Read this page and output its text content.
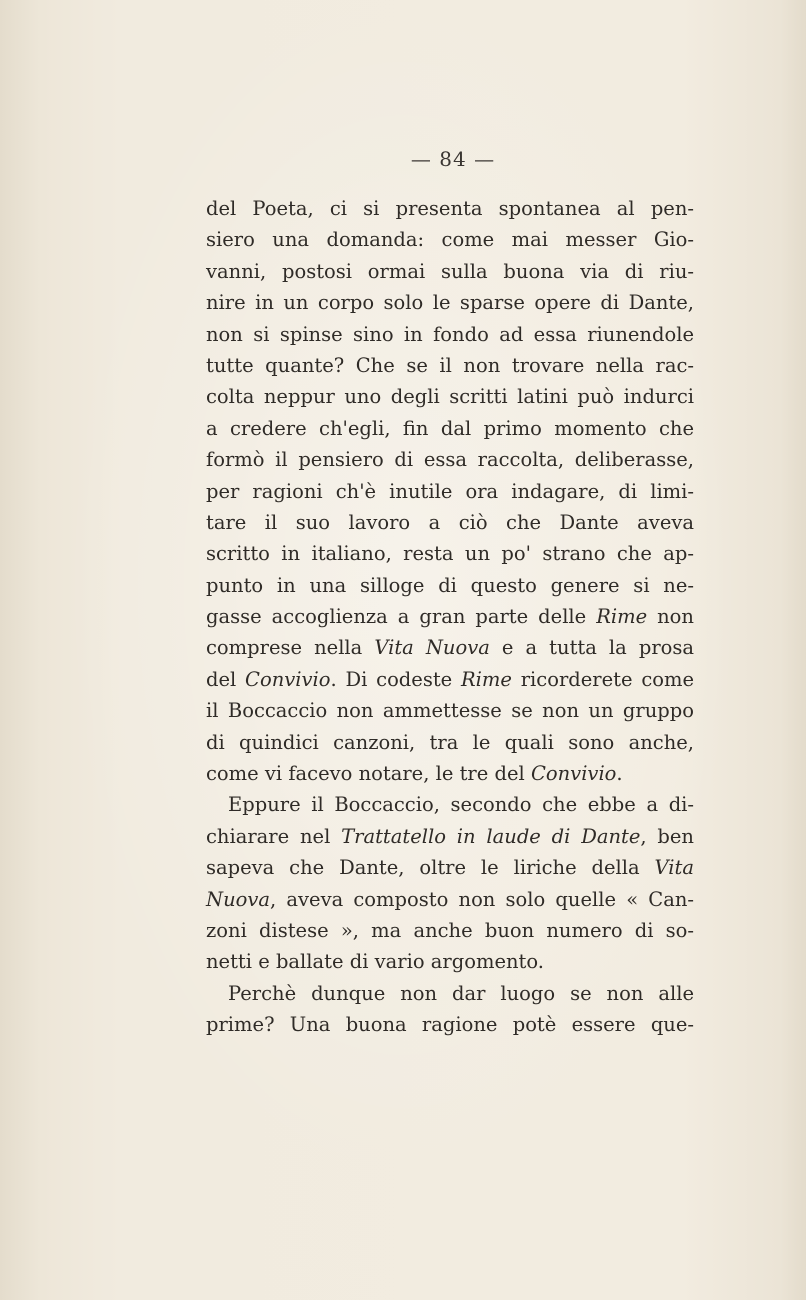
— 84 —
del Poeta, ci si presenta spontanea al pen-
siero una domanda: come mai messer Gio-
vanni, postosi ormai sulla buona via di riu-
nire in un corpo solo le sparse opere di Dante,
non si spinse sino in fondo ad essa riunendole
tutte quante? Che se il non trovare nella rac-
colta neppur uno degli scritti latini può indurci
a credere ch'egli, fin dal primo momento che
formò il pensiero di essa raccolta, deliberasse,
per ragioni ch'è inutile ora indagare, di limi-
tare il suo lavoro a ciò che Dante aveva
scritto in italiano, resta un po' strano che ap-
punto in una silloge di questo genere si ne-
gasse accoglienza a gran parte delle Rime non
comprese nella Vita Nuova e a tutta la prosa
del Convivio. Di codeste Rime ricorderete come
il Boccaccio non ammettesse se non un gruppo
di quindici canzoni, tra le quali sono anche,
come vi facevo notare, le tre del Convivio.
Eppure il Boccaccio, secondo che ebbe a di-
chiarare nel Trattatello in laude di Dante, ben
sapeva che Dante, oltre le liriche della Vita
Nuova, aveva composto non solo quelle « Can-
zoni distese », ma anche buon numero di so-
netti e ballate di vario argomento.
Perchè dunque non dar luogo se non alle
prime? Una buona ragione potè essere que-
